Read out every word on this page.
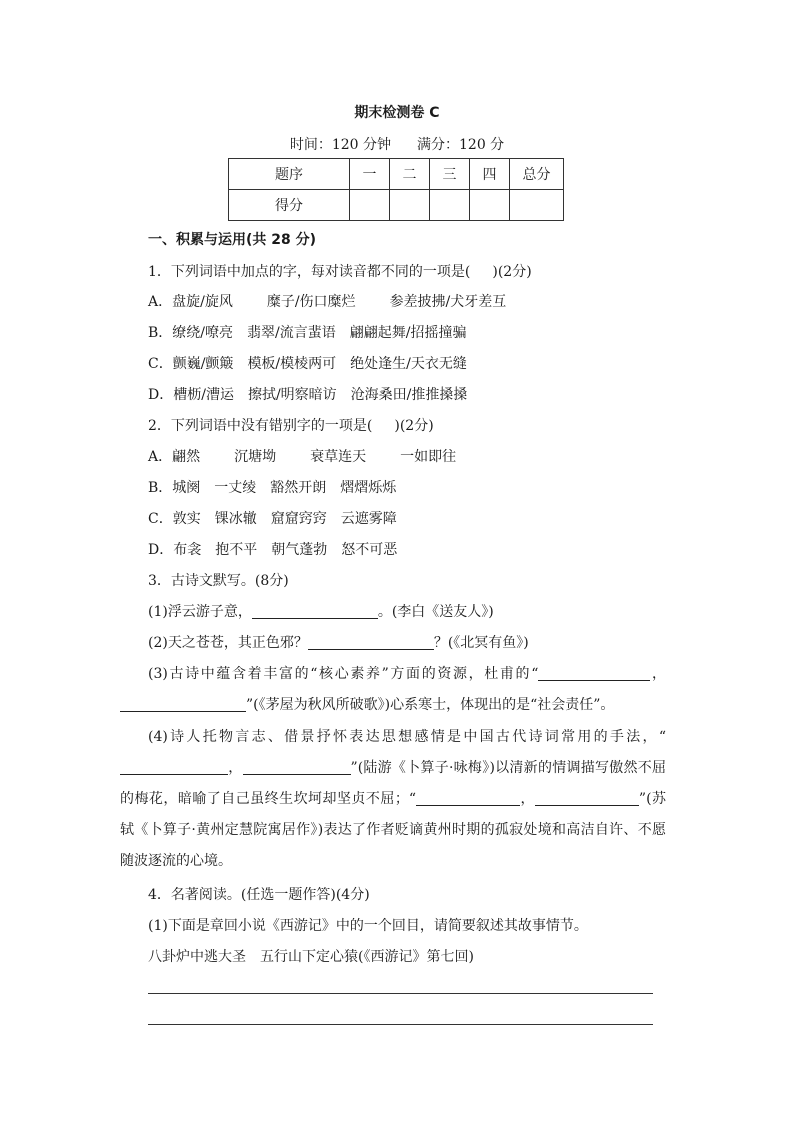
期末检测卷 C
时间：120 分钟 满分：120 分
题序	一	二	三	四	总分
得分					
一、积累与运用(共 28 分)
1．下列词语中加点的字，每对读音都不同的一项是( )(2分)
A．盘旋/旋风 糜子/伤口糜烂 参差披拂/犬牙差互
B．缭绕/嘹亮 翡翠/流言蜚语 翩翩起舞/招摇撞骗
C．颤巍/颤簸 模板/模棱两可 绝处逢生/天衣无缝
D．槽枥/漕运 擦拭/明察暗访 沧海桑田/推推搡搡
2．下列词语中没有错别字的一项是( )(2分)
A．翩然 沉塘坳 衰草连天 一如即往
B．城阕 一丈绫 豁然开朗 熠熠烁烁
C．敦实 锞冰辙 窟窟窍窍 云遮雾障
D．布衾 抱不平 朝气蓬勃 怒不可恶
3．古诗文默写。(8分)
(1)浮云游子意，	。(李白《送友人》)
(2)天之苍苍，其正色邪？	？(《北冥有鱼》)
(3)古诗中蕴含着丰富的“核心素养”方面的资源，杜甫的“	，”(《茅屋为秋风所破歌》)心系寒士，体现出的是“社会责任”。
(4)诗人托物言志、借景抒怀表达思想感情是中国古代诗词常用的手法，“，	”(陆游《卜算子·咏梅》)以清新的情调描写傲然不屈的梅花，暗喻了自己虽终生坎坷却坚贞不屈；“	，	”(苏轼《卜算子·黄州定慧院寓居作》)表达了作者贬谪黄州时期的孤寂处境和高洁自许、不愿随波逐流的心境。
4．名著阅读。(任选一题作答)(4分)
(1)下面是章回小说《西游记》中的一个回目，请简要叙述其故事情节。
八卦炉中逃大圣　五行山下定心猿(《西游记》第七回)
